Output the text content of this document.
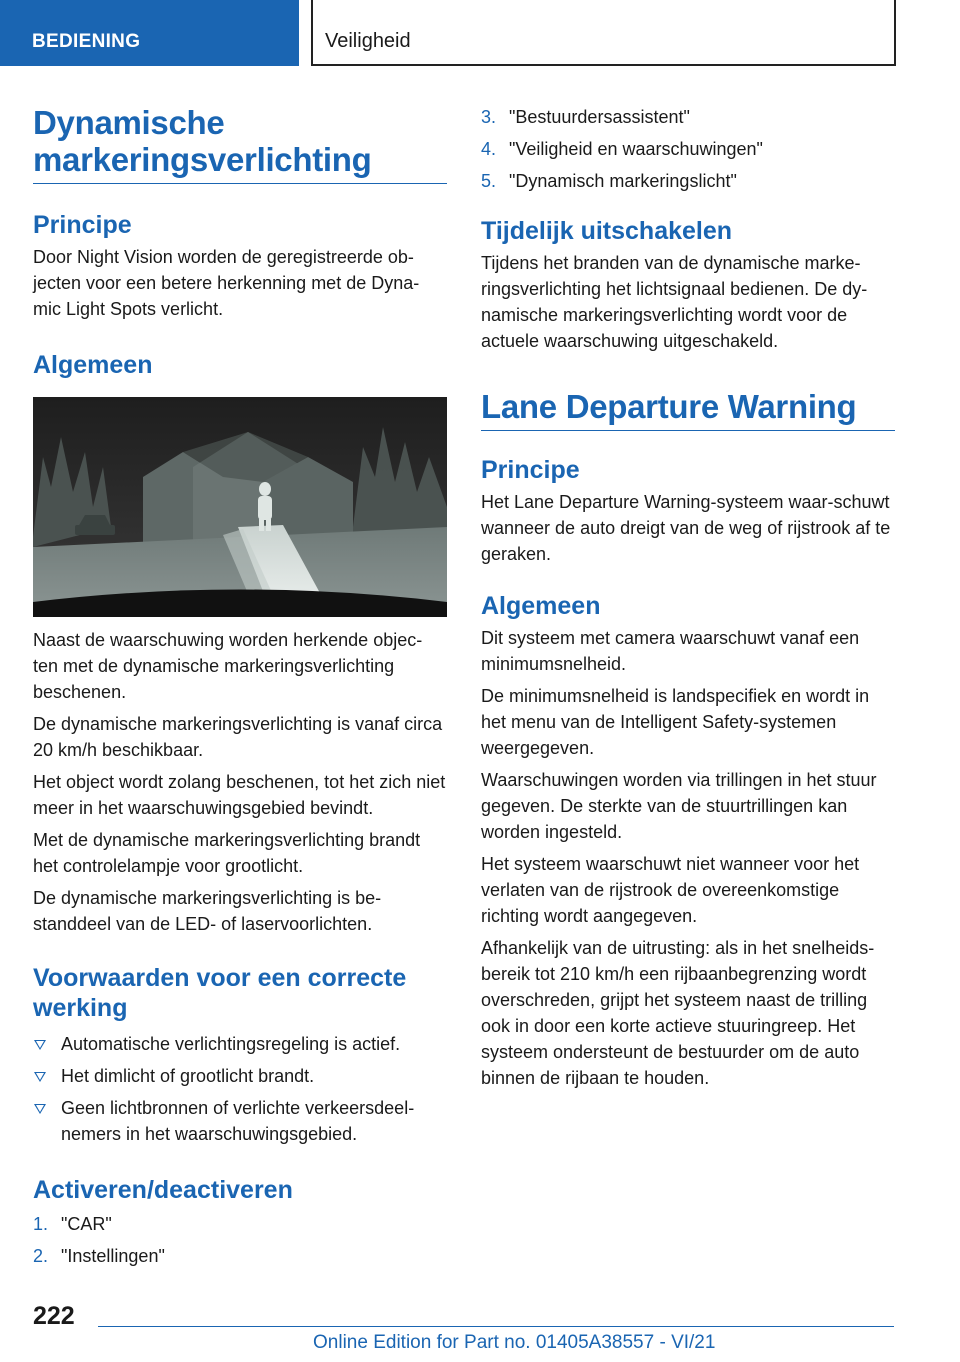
BEDIENING	Veiligheid
Dynamische markeringsverlichting
Principe

Door Night Vision worden de geregistreerde ob-jecten voor een betere herkenning met de Dyna-mic Light Spots verlicht.

Algemeen

Naast de waarschuwing worden herkende objec-ten met de dynamische markeringsverlichting beschenen.

De dynamische markeringsverlichting is vanaf circa 20 km/h beschikbaar.

Het object wordt zolang beschenen, tot het zich niet meer in het waarschuwingsgebied bevindt.

Met de dynamische markeringsverlichting brandt het controlelampje voor grootlicht.

De dynamische markeringsverlichting is be-standdeel van de LED- of laservoorlichten.

Voorwaarden voor een correcte werking
Automatische verlichtingsregeling is actief.
Het dimlicht of grootlicht brandt.
Geen lichtbronnen of verlichte verkeersdeel-nemers in het waarschuwingsgebied.
Activeren/deactiveren
1. "CAR"
2. "Instellingen"
3. "Bestuurdersassistent"
4. "Veiligheid en waarschuwingen"
5. "Dynamisch markeringslicht"
Tijdelijk uitschakelen

Tijdens het branden van de dynamische marke-ringsverlichting het lichtsignaal bedienen. De dy-namische markeringsverlichting wordt voor de actuele waarschuwing uitgeschakeld.

Lane Departure Warning
Principe

Het Lane Departure Warning-systeem waar-schuwt wanneer de auto dreigt van de weg of rijstrook af te geraken.

Algemeen

Dit systeem met camera waarschuwt vanaf een minimumsnelheid.

De minimumsnelheid is landspecifiek en wordt in het menu van de Intelligent Safety-systemen weergegeven.

Waarschuwingen worden via trillingen in het stuur gegeven. De sterkte van de stuurtrillingen kan worden ingesteld.

Het systeem waarschuwt niet wanneer voor het verlaten van de rijstrook de overeenkomstige richting wordt aangegeven.

Afhankelijk van de uitrusting: als in het snelheids-bereik tot 210 km/h een rijbaanbegrenzing wordt overschreden, grijpt het systeem naast de trilling ook in door een korte actieve stuuringreep. Het systeem ondersteunt de bestuurder om de auto binnen de rijbaan te houden.

222
Online Edition for Part no. 01405A38557 - VI/21
